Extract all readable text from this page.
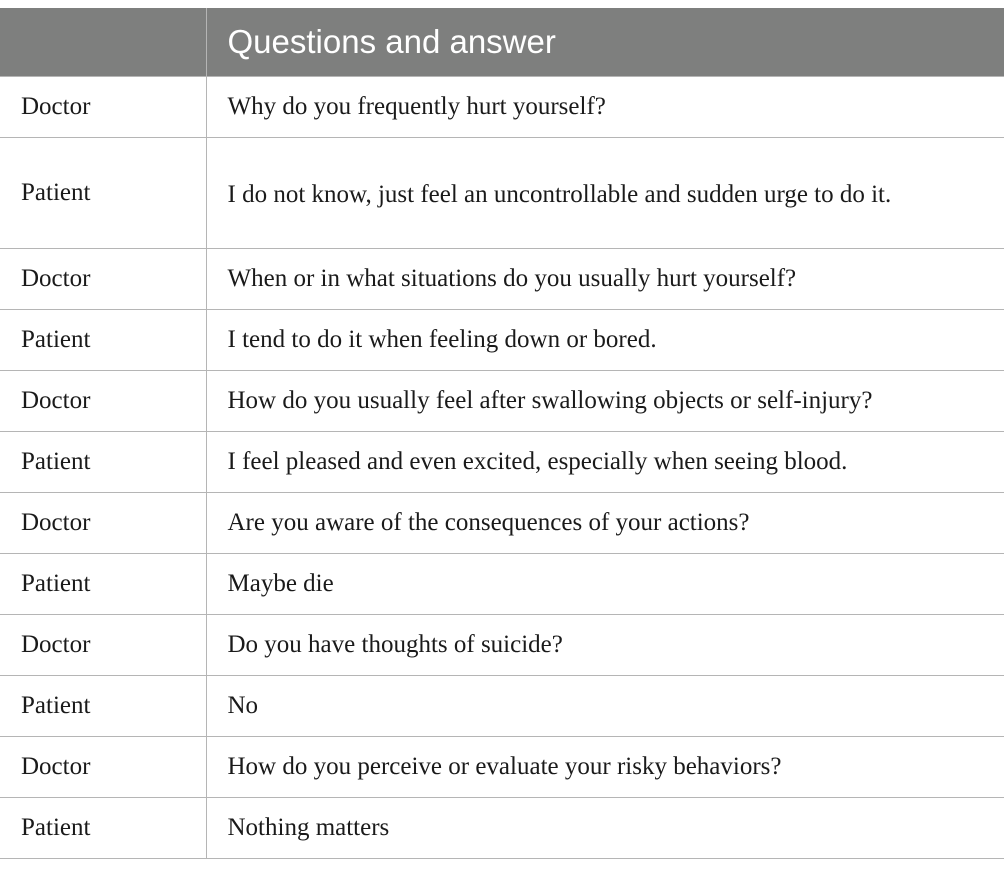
	Questions and answer
Doctor	Why do you frequently hurt yourself?
Patient	I do not know, just feel an uncontrollable and sudden urge to do it.
Doctor	When or in what situations do you usually hurt yourself?
Patient	I tend to do it when feeling down or bored.
Doctor	How do you usually feel after swallowing objects or self-injury?
Patient	I feel pleased and even excited, especially when seeing blood.
Doctor	Are you aware of the consequences of your actions?
Patient	Maybe die
Doctor	Do you have thoughts of suicide?
Patient	No
Doctor	How do you perceive or evaluate your risky behaviors?
Patient	Nothing matters
